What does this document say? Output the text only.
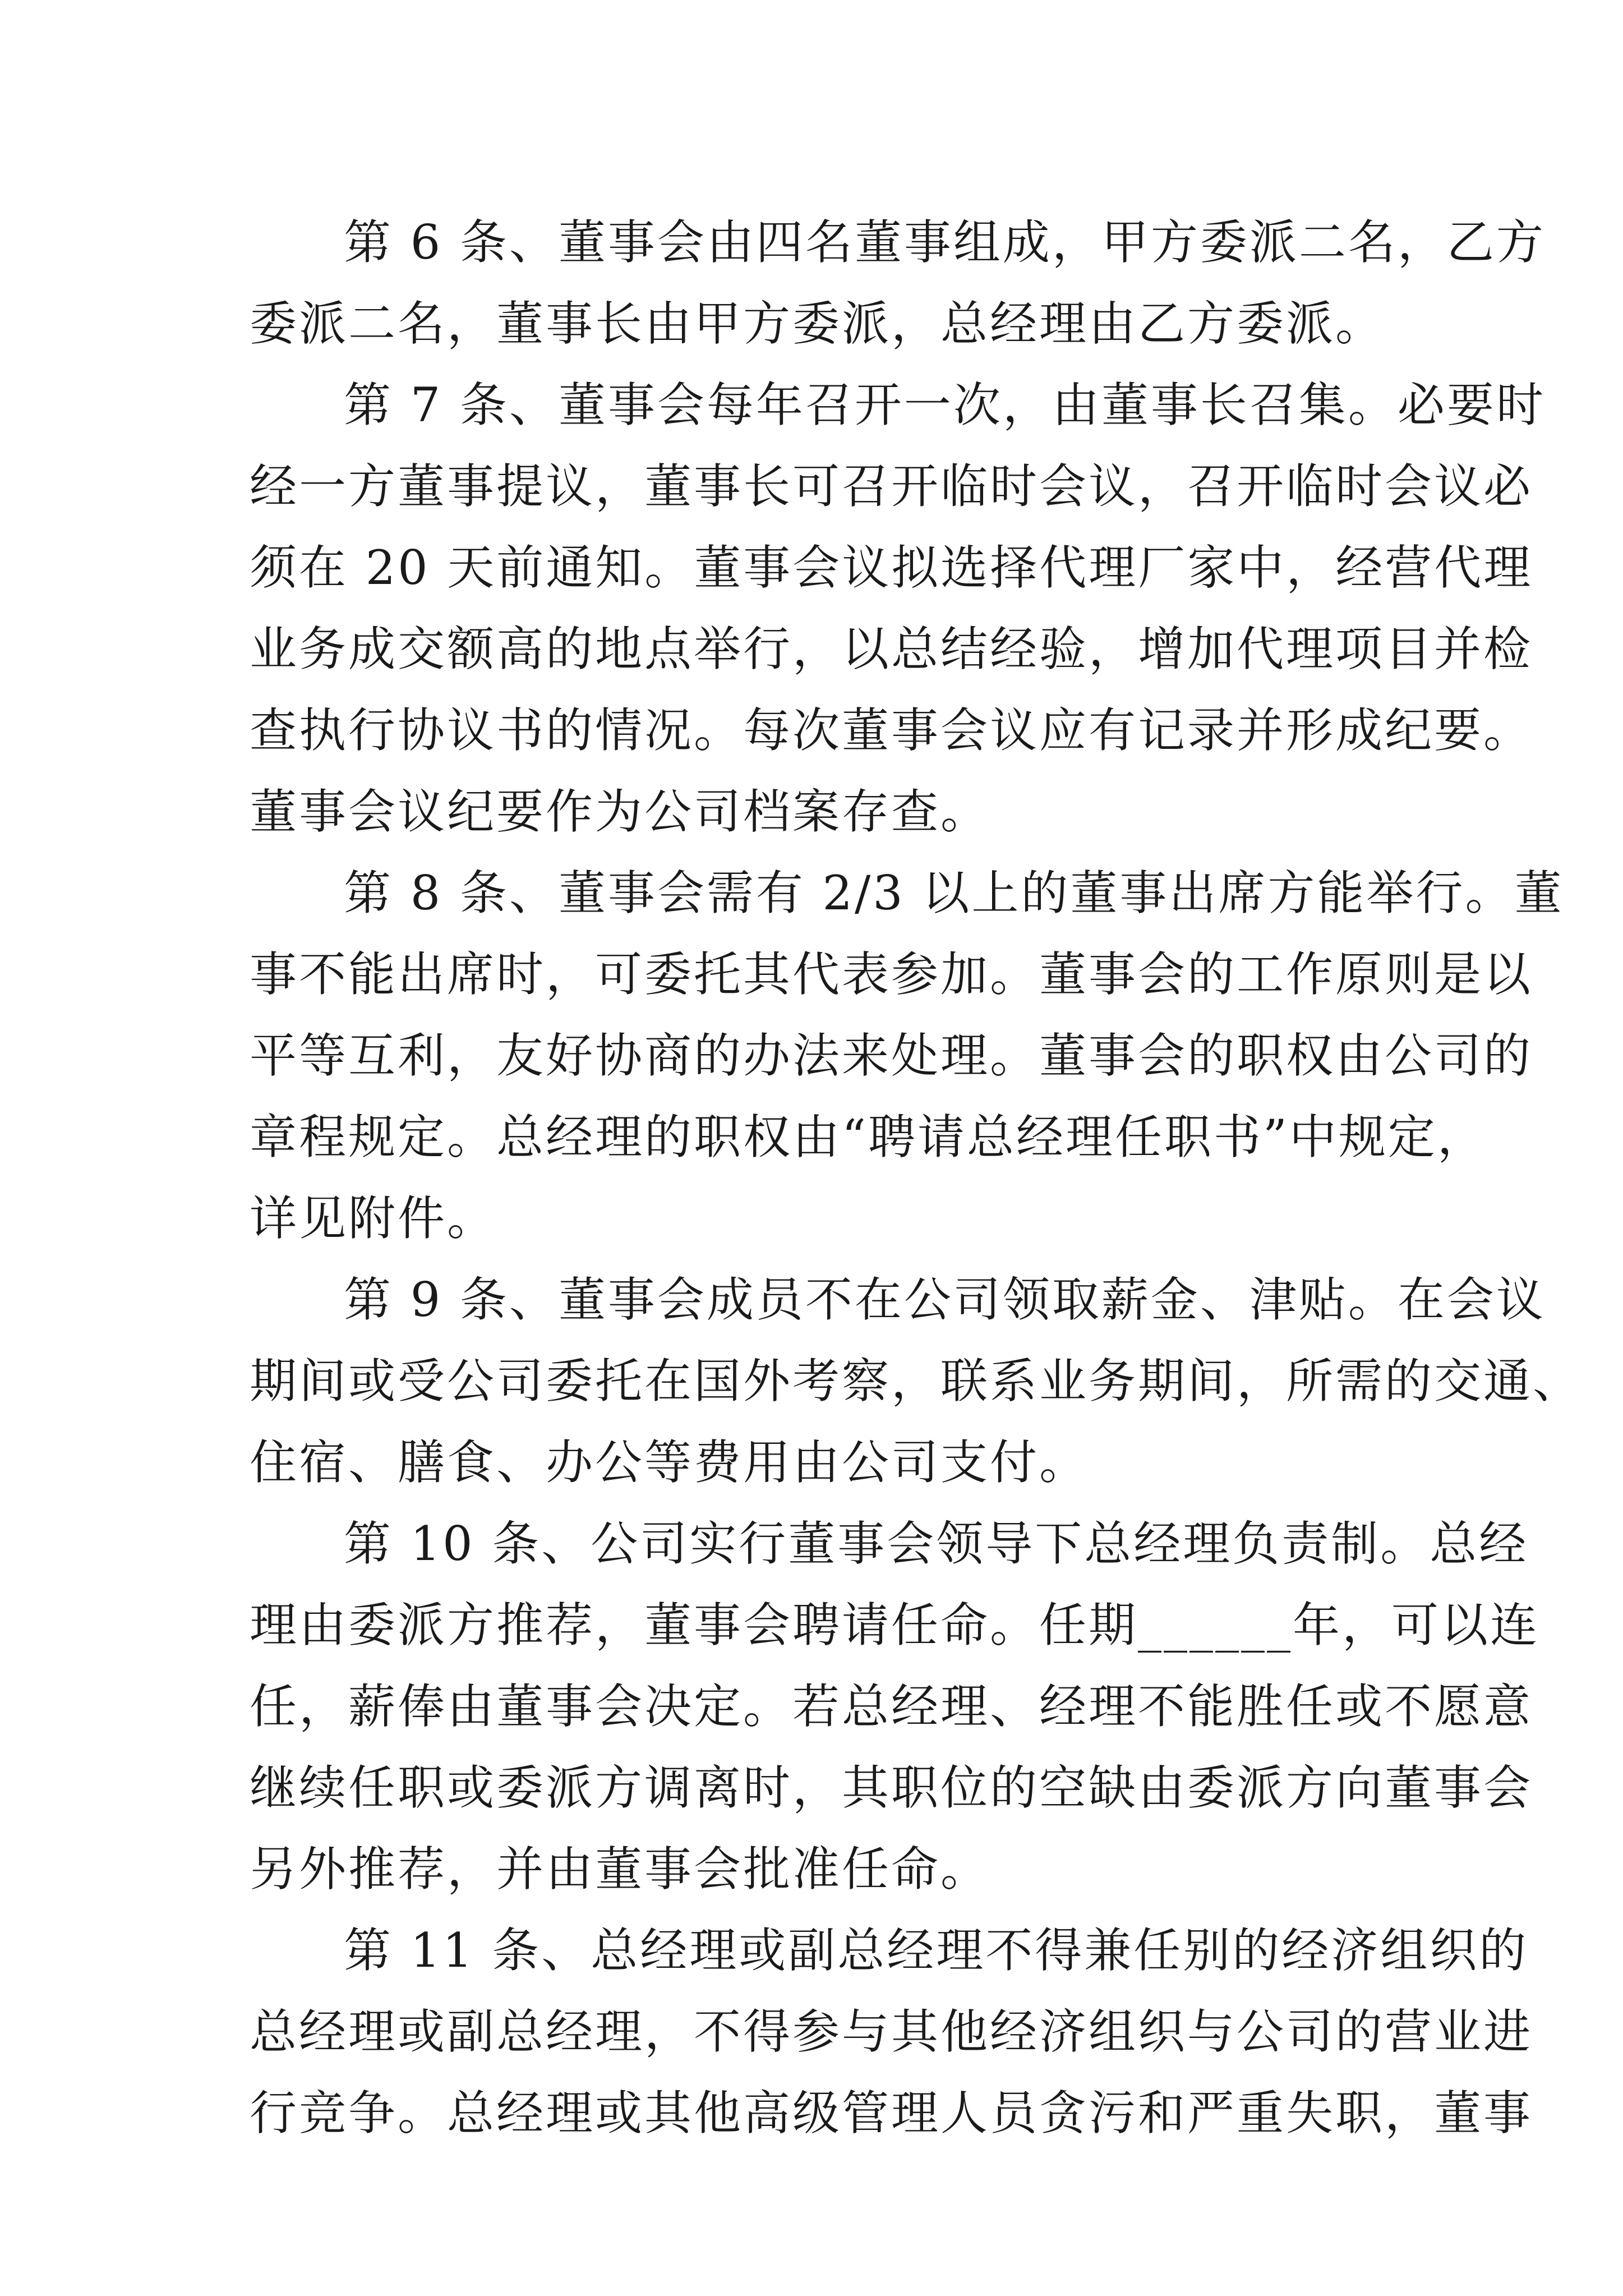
第 6 条、董事会由四名董事组成，甲方委派二名，乙方
委派二名，董事长由甲方委派，总经理由乙方委派。
第 7 条、董事会每年召开一次，由董事长召集。必要时
经一方董事提议，董事长可召开临时会议，召开临时会议必
须在 20 天前通知。董事会议拟选择代理厂家中，经营代理
业务成交额高的地点举行，以总结经验，增加代理项目并检
查执行协议书的情况。每次董事会议应有记录并形成纪要。
董事会议纪要作为公司档案存查。
第 8 条、董事会需有 2/3 以上的董事出席方能举行。董
事不能出席时，可委托其代表参加。董事会的工作原则是以
平等互利，友好协商的办法来处理。董事会的职权由公司的
章程规定。总经理的职权由“聘请总经理任职书”中规定，
详见附件。
第 9 条、董事会成员不在公司领取薪金、津贴。在会议
期间或受公司委托在国外考察，联系业务期间，所需的交通、
住宿、膳食、办公等费用由公司支付。
第 10 条、公司实行董事会领导下总经理负责制。总经
理由委派方推荐，董事会聘请任命。任期______年，可以连
任，薪俸由董事会决定。若总经理、经理不能胜任或不愿意
继续任职或委派方调离时，其职位的空缺由委派方向董事会
另外推荐，并由董事会批准任命。
第 11 条、总经理或副总经理不得兼任别的经济组织的
总经理或副总经理，不得参与其他经济组织与公司的营业进
行竞争。总经理或其他高级管理人员贪污和严重失职，董事
